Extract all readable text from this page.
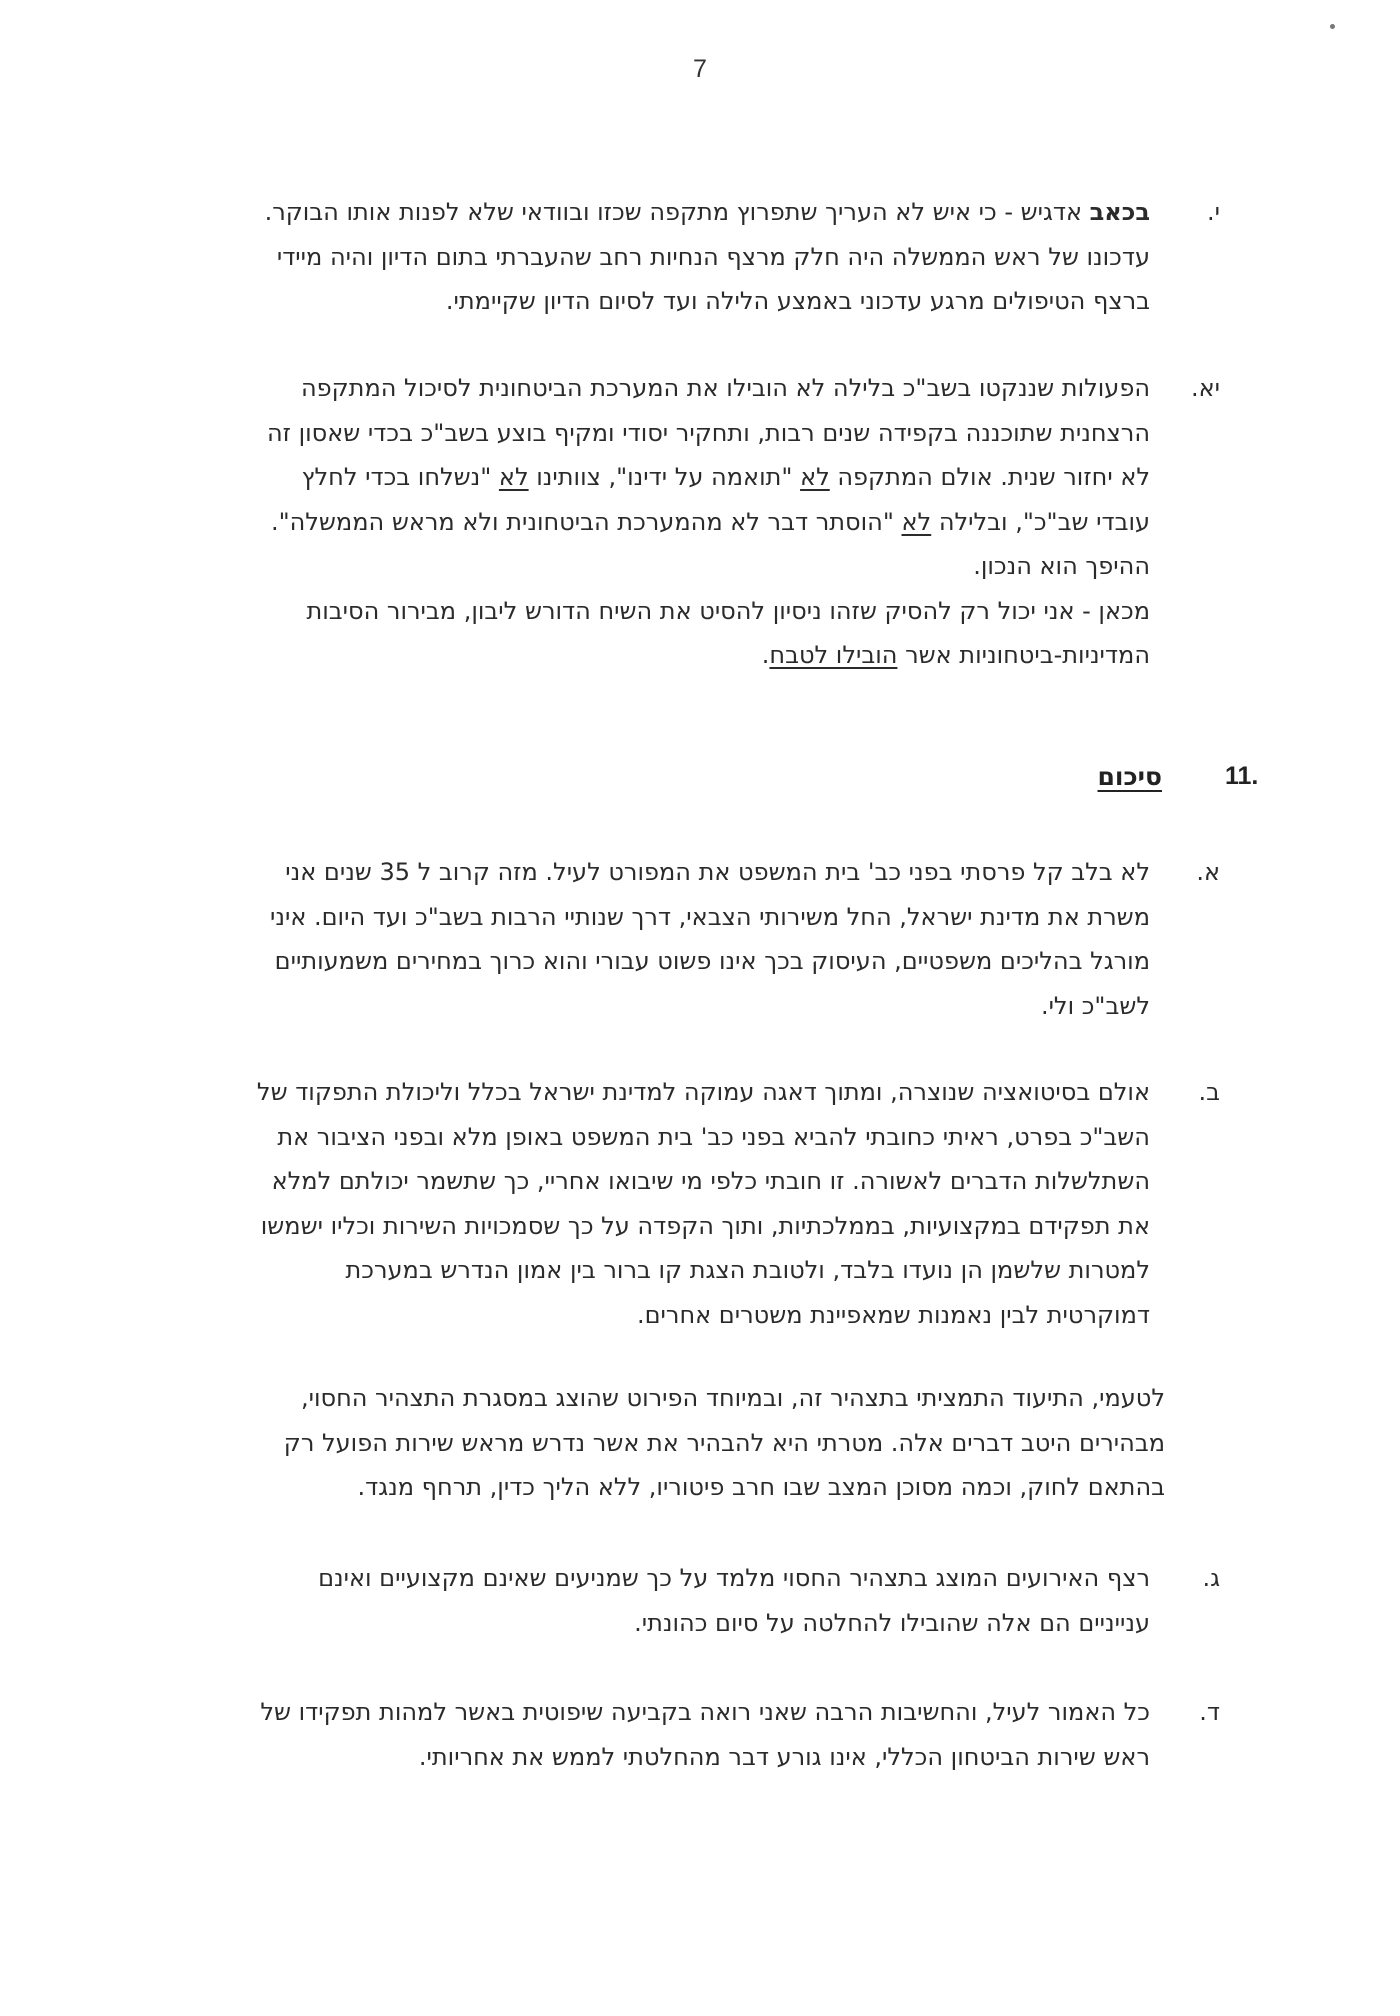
7
י.
בכאב אדגיש - כי איש לא העריך שתפרוץ מתקפה שכזו ובוודאי שלא לפנות אותו הבוקר.
עדכונו של ראש הממשלה היה חלק מרצף הנחיות רחב שהעברתי בתום הדיון והיה מיידי
ברצף הטיפולים מרגע עדכוני באמצע הלילה ועד לסיום הדיון שקיימתי.
יא.
הפעולות שננקטו בשב"כ בלילה לא הובילו את המערכת הביטחונית לסיכול המתקפה
הרצחנית שתוכננה בקפידה שנים רבות, ותחקיר יסודי ומקיף בוצע בשב"כ בכדי שאסון זה
לא יחזור שנית. אולם המתקפה לא "תואמה על ידינו", צוותינו לא "נשלחו בכדי לחלץ
עובדי שב"כ", ובלילה לא "הוסתר דבר לא מהמערכת הביטחונית ולא מראש הממשלה".
ההיפך הוא הנכון.
מכאן - אני יכול רק להסיק שזהו ניסיון להסיט את השיח הדורש ליבון, מבירור הסיבות
המדיניות-ביטחוניות אשר הובילו לטבח.
11.
סיכום
א.
לא בלב קל פרסתי בפני כב' בית המשפט את המפורט לעיל. מזה קרוב ל 35 שנים אני
משרת את מדינת ישראל, החל משירותי הצבאי, דרך שנותיי הרבות בשב"כ ועד היום. איני
מורגל בהליכים משפטיים, העיסוק בכך אינו פשוט עבורי והוא כרוך במחירים משמעותיים
לשב"כ ולי.
ב.
אולם בסיטואציה שנוצרה, ומתוך דאגה עמוקה למדינת ישראל בכלל וליכולת התפקוד של
השב"כ בפרט, ראיתי כחובתי להביא בפני כב' בית המשפט באופן מלא ובפני הציבור את
השתלשלות הדברים לאשורה. זו חובתי כלפי מי שיבואו אחריי, כך שתשמר יכולתם למלא
את תפקידם במקצועיות, בממלכתיות, ותוך הקפדה על כך שסמכויות השירות וכליו ישמשו
למטרות שלשמן הן נועדו בלבד, ולטובת הצגת קו ברור בין אמון הנדרש במערכת
דמוקרטית לבין נאמנות שמאפיינת משטרים אחרים.
לטעמי, התיעוד התמציתי בתצהיר זה, ובמיוחד הפירוט שהוצג במסגרת התצהיר החסוי,
מבהירים היטב דברים אלה. מטרתי היא להבהיר את אשר נדרש מראש שירות הפועל רק
בהתאם לחוק, וכמה מסוכן המצב שבו חרב פיטוריו, ללא הליך כדין, תרחף מנגד.
ג.
רצף האירועים המוצג בתצהיר החסוי מלמד על כך שמניעים שאינם מקצועיים ואינם
ענייניים הם אלה שהובילו להחלטה על סיום כהונתי.
ד.
כל האמור לעיל, והחשיבות הרבה שאני רואה בקביעה שיפוטית באשר למהות תפקידו של
ראש שירות הביטחון הכללי, אינו גורע דבר מהחלטתי לממש את אחריותי.
